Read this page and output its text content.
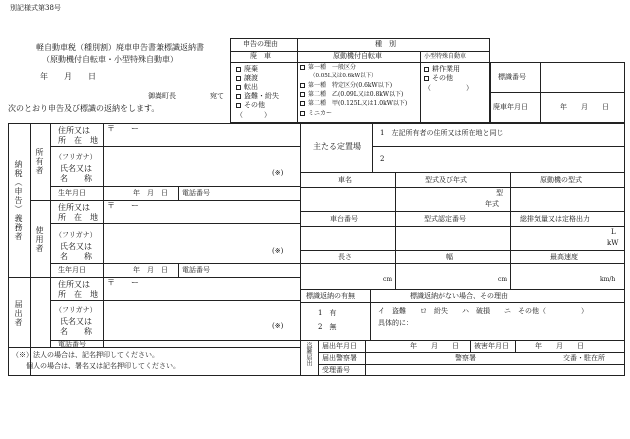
別記様式第38号
軽自動車税（種別割）廃車申告書兼標識返納書
（原動機付自転車・小型特殊自動車）
年　　月　　日
御嵩町長	宛て
次のとおり申告及び標識の返納をします。
申告の理由	種　別
廃　車	原動機付自転車	小型特殊自動車
廃棄
譲渡
転出
盗難・紛失
その他
（　　　）
第一種　 一般区分
（0.05L又は0.6kW以下）
第一種　 特定区分(0.6kW以下)
第二種　 乙(0.09L又は0.8kW以下)
第二種　 甲(0.125L又は1.0kW以下)
ミニカー
耕作業用
その他
（　　　　　）
標識番号
廃車年月日	年　　月　　日
納税（申告）義務者 所有者
使用者
届出者
住所又は
所　在　地
〒　　ー
（フリガナ）
氏名又は
名　　称
(※)
生年月日	年　月　日 電話番号
住所又は
所　在　地
〒　　ー
（フリガナ）
氏名又は
名　　称
(※)
生年月日	年　月　日 電話番号
住所又は
所　在　地
〒　　ー
（フリガナ）
氏名又は
名　　称
(※)
電話番号
（※）法人の場合は、記名押印してください。
　　個人の場合は、署名又は記名押印してください。
主たる定置場
1　左記所有者の住所又は所在地と同じ
2
車名	型式及び年式	原動機の型式
型
年式
車台番号	型式認定番号	総排気量又は定格出力
L
kW
長さ	幅	最高速度
cm	cm	km/h
標識返納の有無	標識返納がない場合、その理由
1　有
2　無
イ　盗難　　ロ　紛失　　ハ　破損　　ニ　その他（　　　　　）
具体的に：
盗難届出 届出年月日	年　　月　　日 被害年月日	年　　月　　日
届出警察署	警察署	交番・駐在所
受理番号
